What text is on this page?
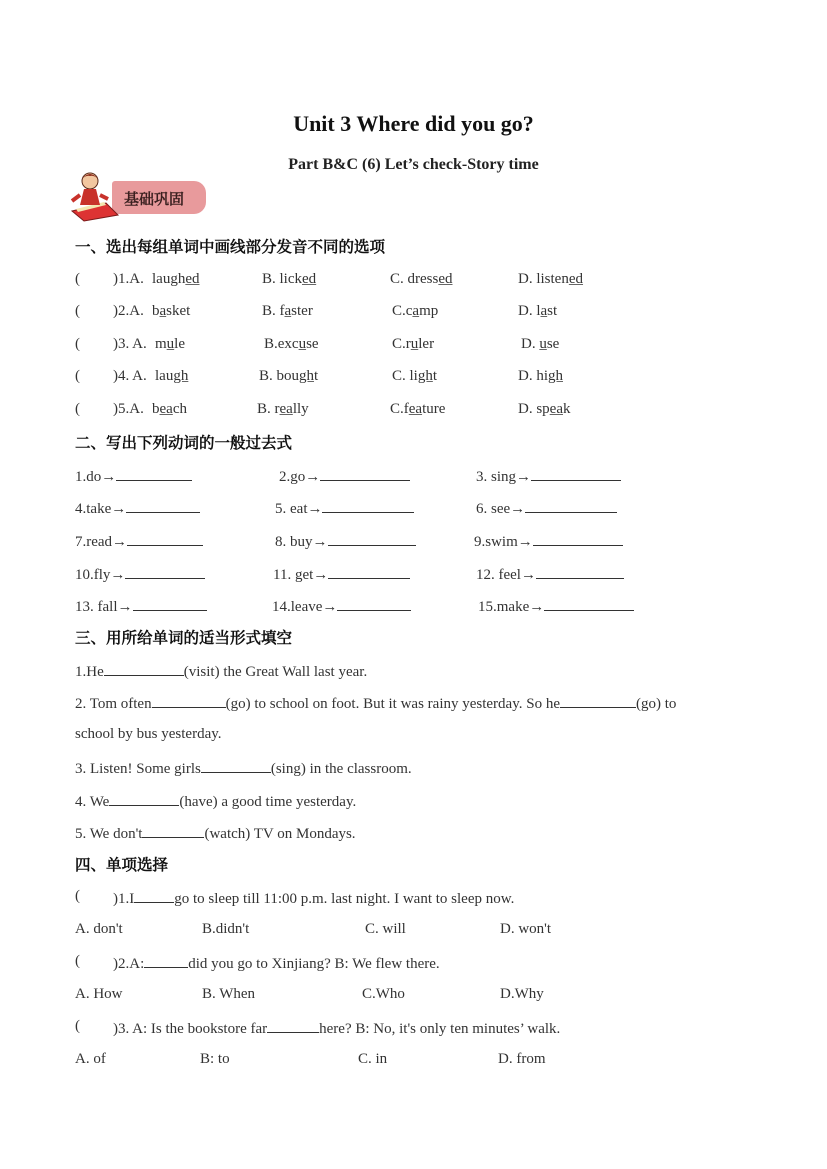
Unit 3 Where did you go?
Part B&C (6) Let’s check-Story time
基础巩固
一、选出每组单词中画线部分发音不同的选项
( )1.A. laughed	B. licked	C. dressed	D. listened
( )2.A. basket	B. faster	C.camp	D. last
( )3. A. mule	B.excuse	C.ruler	D. use
( )4. A. laugh	B. bought	C. light	D. high
( )5.A. beach	B. really	C.feature	D. speak
二、写出下列动词的一般过去式
1.do→	2.go→	3. sing→
4.take→	5. eat→	6. see→
7.read→	8. buy→	9.swim→
10.fly→	11. get→	12. feel→
13. fall→	14.leave→	15.make→
三、用所给单词的适当形式填空
1.He	(visit) the Great Wall last year.
2. Tom often	(go) to school on foot. But it was rainy yesterday. So he	(go) to
school by bus yesterday.
3. Listen! Some girls	(sing) in the classroom.
4. We	(have) a good time yesterday.
5. We don't	(watch) TV on Mondays.
四、单项选择
( )1.I	go to sleep till 11:00 p.m. last night. I want to sleep now.
A. don't	B.didn't	C. will	D. won't
( )2.A:	did you go to Xinjiang? B: We flew there.
A. How	B. When	C.Who	D.Why
( )3. A: Is the bookstore far	here? B: No, it's only ten minutes’ walk.
A. of	B: to	C. in	D. from
